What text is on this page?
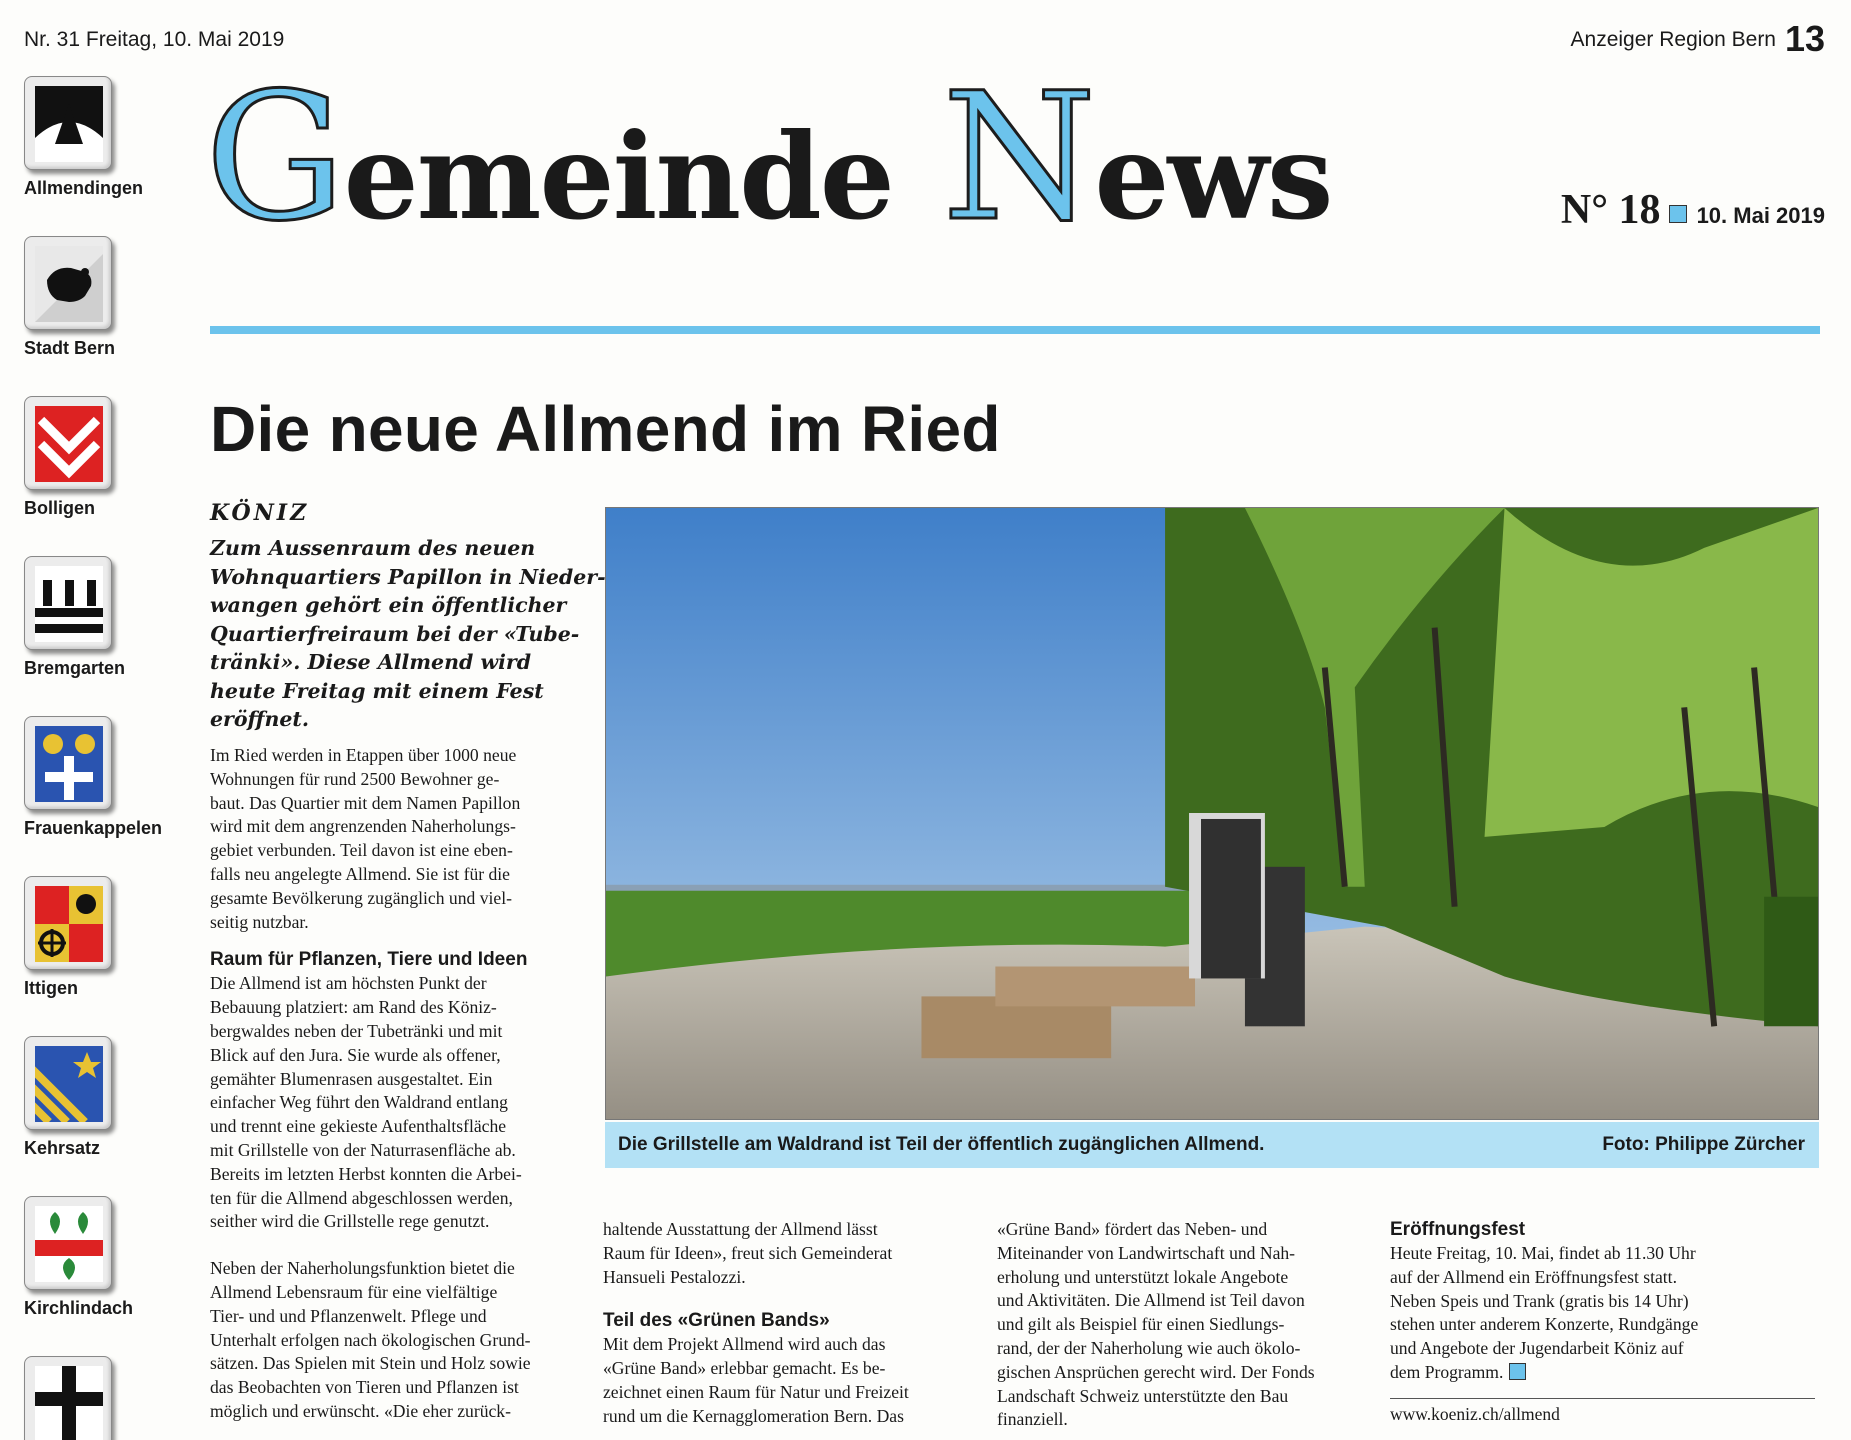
Nr. 31 Freitag, 10. Mai 2019	Anzeiger Region Bern 13
Allmendingen
Stadt Bern
Bolligen
Bremgarten
Frauenkappelen
Ittigen
Kehrsatz
Kirchlindach
Gemeinde News	N° 18 10. Mai 2019
Die neue Allmend im Ried
KÖNIZ
Zum Aussenraum des neuen
Wohnquartiers Papillon in Nieder-
wangen gehört ein öffentlicher
Quartierfreiraum bei der «Tube-
tränki». Diese Allmend wird
heute Freitag mit einem Fest
eröffnet.
Im Ried werden in Etappen über 1000 neue
Wohnungen für rund 2500 Bewohner ge-
baut. Das Quartier mit dem Namen Papillon
wird mit dem angrenzenden Naherholungs-
gebiet verbunden. Teil davon ist eine eben-
falls neu angelegte Allmend. Sie ist für die
gesamte Bevölkerung zugänglich und viel-
seitig nutzbar.
Raum für Pflanzen, Tiere und Ideen
Die Allmend ist am höchsten Punkt der
Bebauung platziert: am Rand des Köniz-
bergwaldes neben der Tubetränki und mit
Blick auf den Jura. Sie wurde als offener,
gemähter Blumenrasen ausgestaltet. Ein
einfacher Weg führt den Waldrand entlang
und trennt eine gekieste Aufenthaltsfläche
mit Grillstelle von der Naturrasenfläche ab.
Bereits im letzten Herbst konnten die Arbei-
ten für die Allmend abgeschlossen werden,
seither wird die Grillstelle rege genutzt.
Neben der Naherholungsfunktion bietet die
Allmend Lebensraum für eine vielfältige
Tier- und und Pflanzenwelt. Pflege und
Unterhalt erfolgen nach ökologischen Grund-
sätzen. Das Spielen mit Stein und Holz sowie
das Beobachten von Tieren und Pflanzen ist
möglich und erwünscht. «Die eher zurück-
Die Grillstelle am Waldrand ist Teil der öffentlich zugänglichen Allmend.	Foto: Philippe Zürcher
haltende Ausstattung der Allmend lässt
Raum für Ideen», freut sich Gemeinderat
Hansueli Pestalozzi.
Teil des «Grünen Bands»
Mit dem Projekt Allmend wird auch das
«Grüne Band» erlebbar gemacht. Es be-
zeichnet einen Raum für Natur und Freizeit
rund um die Kernagglomeration Bern. Das
«Grüne Band» fördert das Neben- und
Miteinander von Landwirtschaft und Nah-
erholung und unterstützt lokale Angebote
und Aktivitäten. Die Allmend ist Teil davon
und gilt als Beispiel für einen Siedlungs-
rand, der der Naherholung wie auch ökolo-
gischen Ansprüchen gerecht wird. Der Fonds
Landschaft Schweiz unterstützte den Bau
finanziell.
Eröffnungsfest
Heute Freitag, 10. Mai, findet ab 11.30 Uhr
auf der Allmend ein Eröffnungsfest statt.
Neben Speis und Trank (gratis bis 14 Uhr)
stehen unter anderem Konzerte, Rundgänge
und Angebote der Jugendarbeit Köniz auf
dem Programm.
www.koeniz.ch/allmend
